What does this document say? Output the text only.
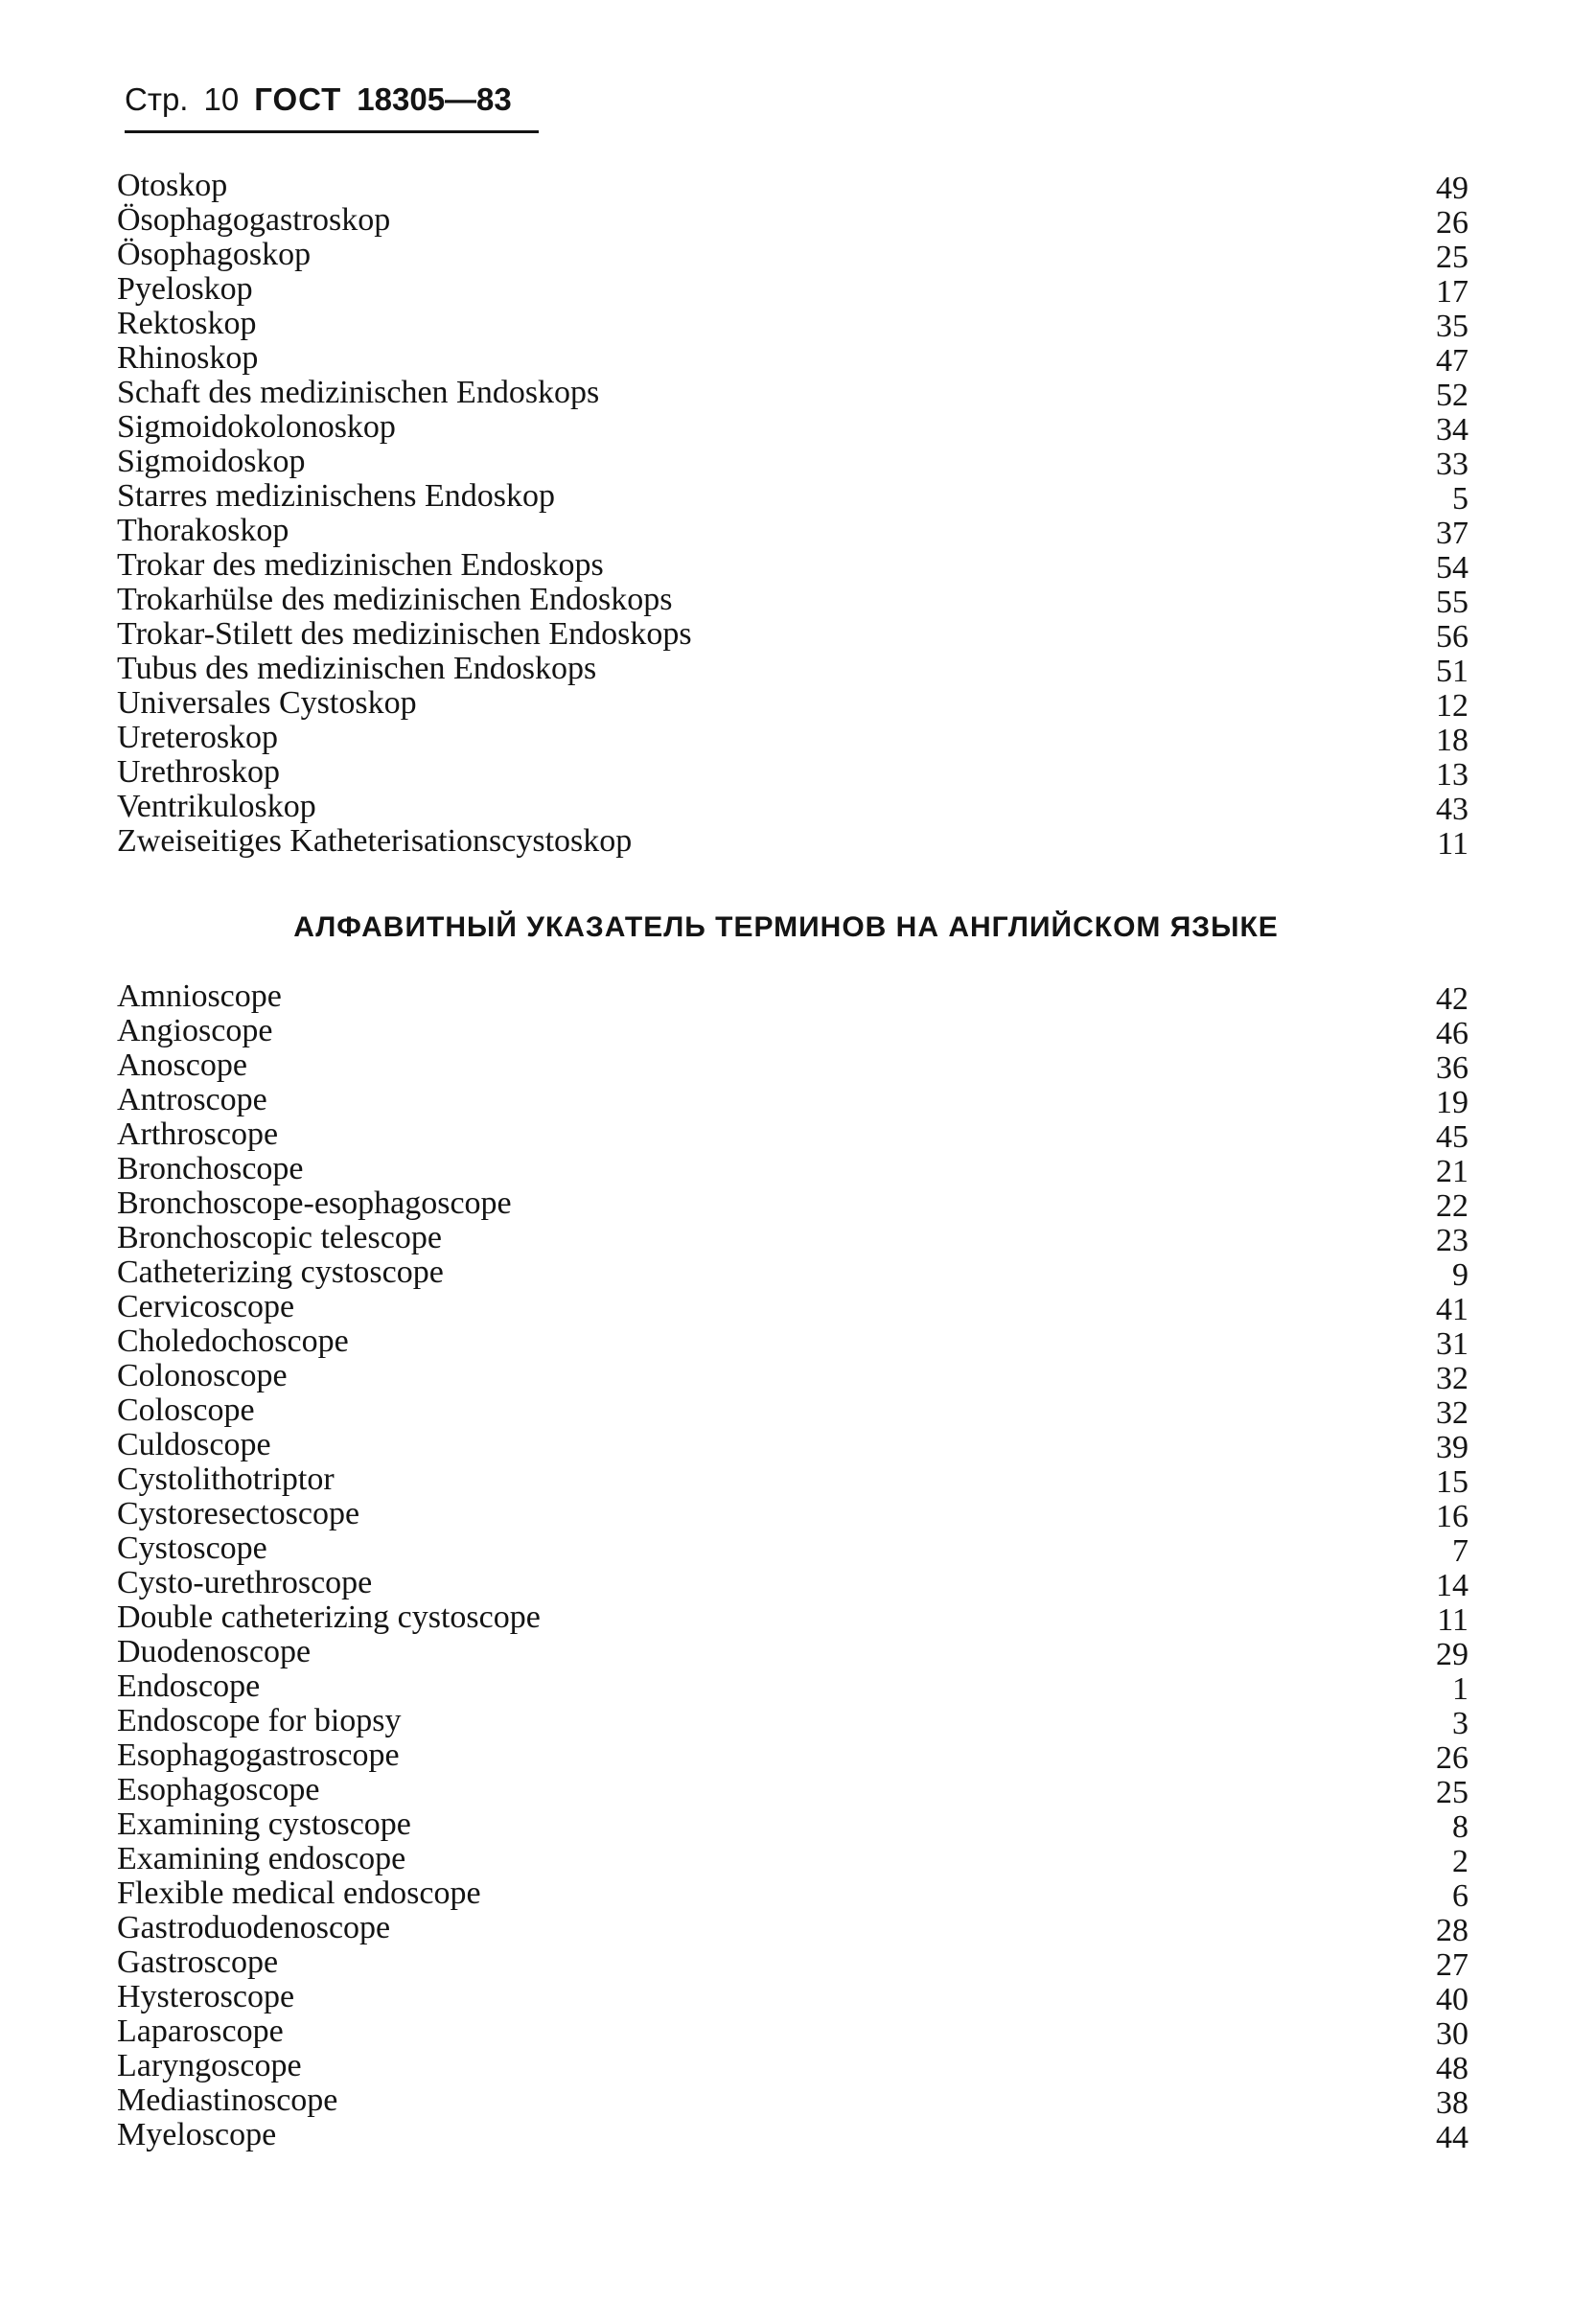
Стр. 10 ГОСТ 18305—83
Otoskop	49
Ösophagogastroskop	26
Ösophagoskop	25
Pyeloskop	17
Rektoskop	35
Rhinoskop	47
Schaft des medizinischen Endoskops	52
Sigmoidokolonoskop	34
Sigmoidoskop	33
Starres medizinischens Endoskop	5
Thorakoskop	37
Trokar des medizinischen Endoskops	54
Trokarhülse des medizinischen Endoskops	55
Trokar-Stilett des medizinischen Endoskops	56
Tubus des medizinischen Endoskops	51
Universales Cystoskop	12
Ureteroskop	18
Urethroskop	13
Ventrikuloskop	43
Zweiseitiges Katheterisationscystoskop	11
АЛФАВИТНЫЙ УКАЗАТЕЛЬ ТЕРМИНОВ НА АНГЛИЙСКОМ ЯЗЫКЕ
Amnioscope	42
Angioscope	46
Anoscope	36
Antroscope	19
Arthroscope	45
Bronchoscope	21
Bronchoscope-esophagoscope	22
Bronchoscopic telescope	23
Catheterizing cystoscope	9
Cervicoscope	41
Choledochoscope	31
Colonoscope	32
Coloscope	32
Culdoscope	39
Cystolithotriptor	15
Cystoresectoscope	16
Cystoscope	7
Cysto-urethroscope	14
Double catheterizing cystoscope	11
Duodenoscope	29
Endoscope	1
Endoscope for biopsy	3
Esophagogastroscope	26
Esophagoscope	25
Examining cystoscope	8
Examining endoscope	2
Flexible medical endoscope	6
Gastroduodenoscope	28
Gastroscope	27
Hysteroscope	40
Laparoscope	30
Laryngoscope	48
Mediastinoscope	38
Myeloscope	44
